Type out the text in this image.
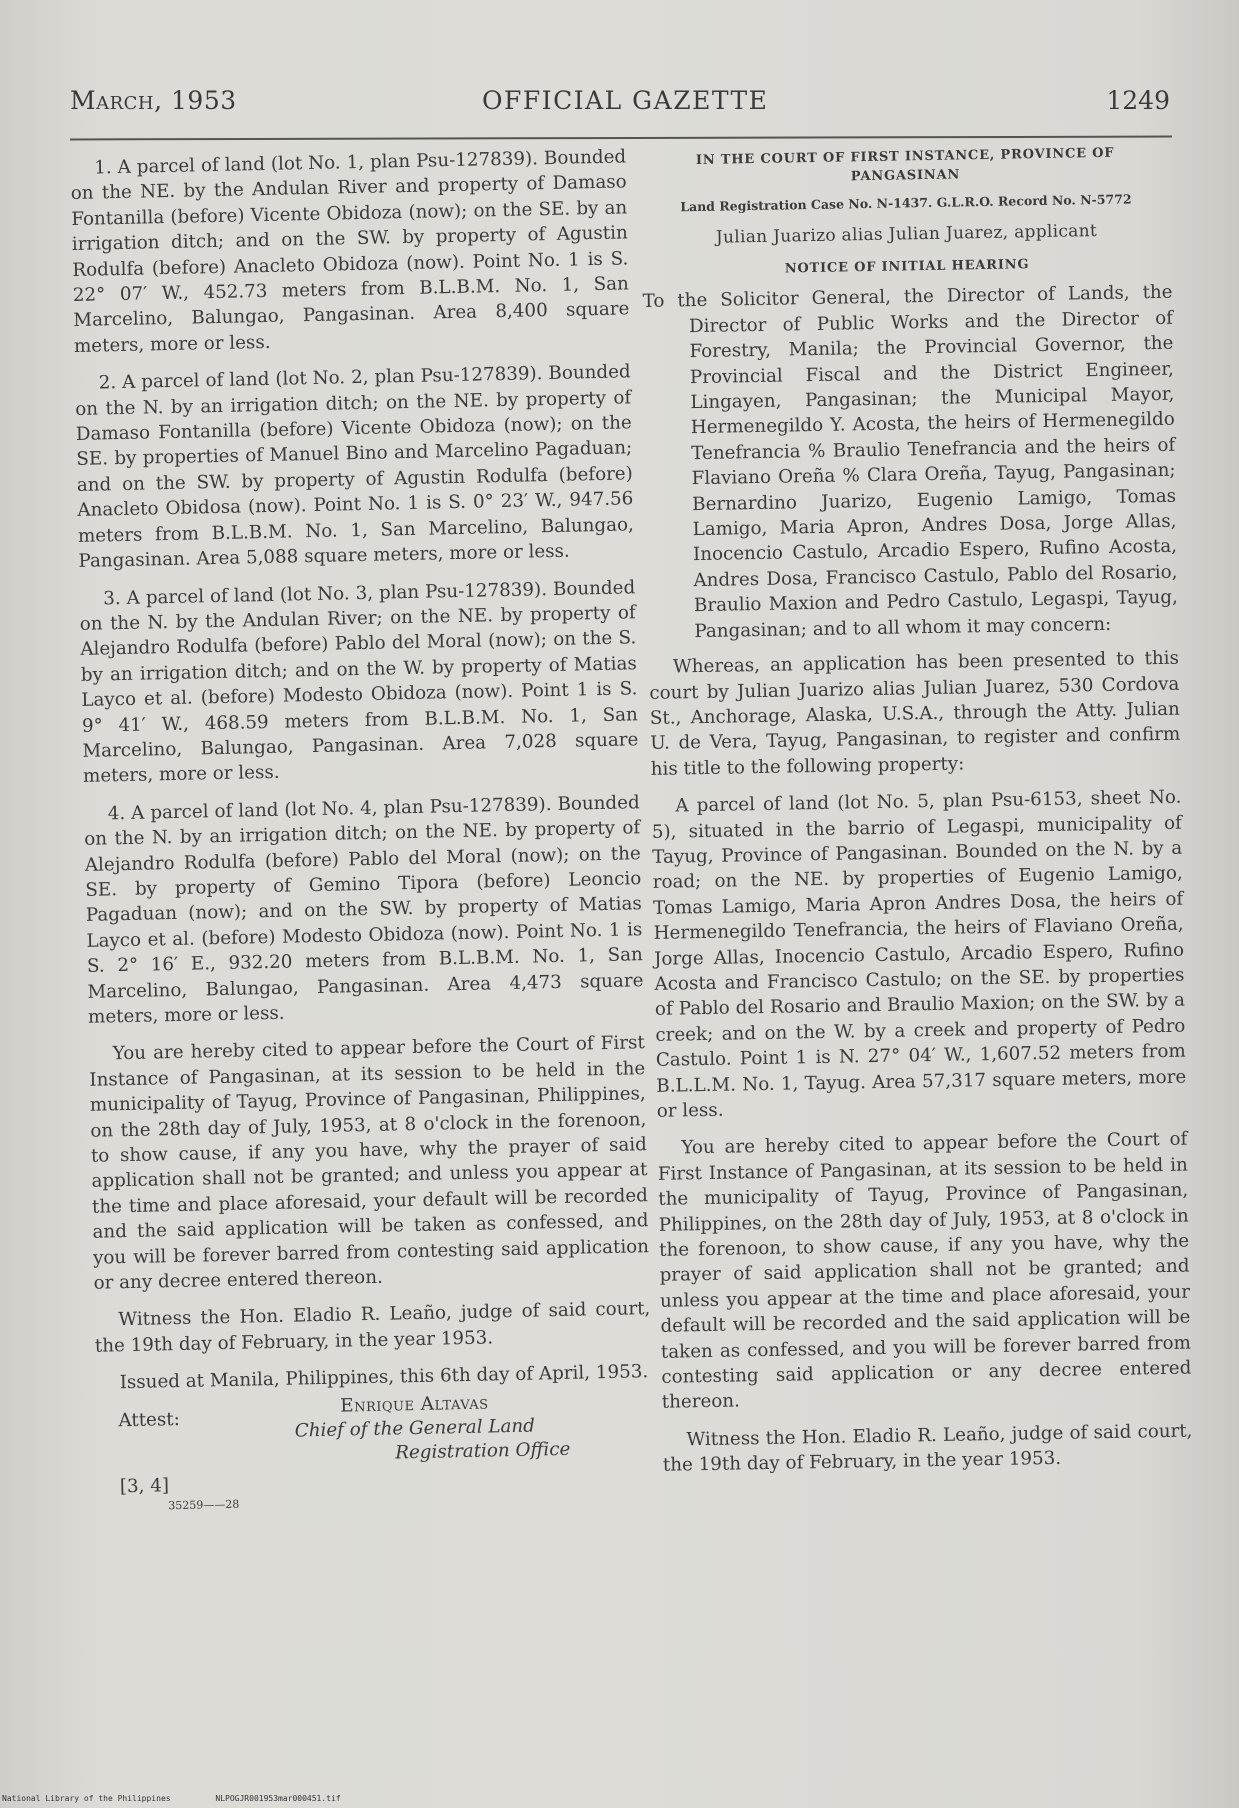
March, 1953	OFFICIAL GAZETTE	1249

1. A parcel of land (lot No. 1, plan Psu-127839). Bounded on the NE. by the Andulan River and property of Damaso Fontanilla (before) Vicente Obidoza (now); on the SE. by an irrigation ditch; and on the SW. by property of Agustin Rodulfa (before) Anacleto Obidoza (now). Point No. 1 is S. 22° 07′ W., 452.73 meters from B.L.B.M. No. 1, San Marcelino, Balungao, Pangasinan. Area 8,400 square meters, more or less.

2. A parcel of land (lot No. 2, plan Psu-127839). Bounded on the N. by an irrigation ditch; on the NE. by property of Damaso Fontanilla (before) Vicente Obidoza (now); on the SE. by properties of Manuel Bino and Marcelino Pagaduan; and on the SW. by property of Agustin Rodulfa (before) Anacleto Obidosa (now). Point No. 1 is S. 0° 23′ W., 947.56 meters from B.L.B.M. No. 1, San Marcelino, Balungao, Pangasinan. Area 5,088 square meters, more or less.

3. A parcel of land (lot No. 3, plan Psu-127839). Bounded on the N. by the Andulan River; on the NE. by property of Alejandro Rodulfa (before) Pablo del Moral (now); on the S. by an irrigation ditch; and on the W. by property of Matias Layco et al. (before) Modesto Obidoza (now). Point 1 is S. 9° 41′ W., 468.59 meters from B.L.B.M. No. 1, San Marcelino, Balungao, Pangasinan. Area 7,028 square meters, more or less.

4. A parcel of land (lot No. 4, plan Psu-127839). Bounded on the N. by an irrigation ditch; on the NE. by property of Alejandro Rodulfa (before) Pablo del Moral (now); on the SE. by property of Gemino Tipora (before) Leoncio Pagaduan (now); and on the SW. by property of Matias Layco et al. (before) Modesto Obidoza (now). Point No. 1 is S. 2° 16′ E., 932.20 meters from B.L.B.M. No. 1, San Marcelino, Balungao, Pangasinan. Area 4,473 square meters, more or less.

You are hereby cited to appear before the Court of First Instance of Pangasinan, at its session to be held in the municipality of Tayug, Province of Pangasinan, Philippines, on the 28th day of July, 1953, at 8 o'clock in the forenoon, to show cause, if any you have, why the prayer of said application shall not be granted; and unless you appear at the time and place aforesaid, your default will be recorded and the said application will be taken as confessed, and you will be forever barred from contesting said application or any decree entered thereon.

Witness the Hon. Eladio R. Leaño, judge of said court, the 19th day of February, in the year 1953.

Issued at Manila, Philippines, this 6th day of April, 1953.

Attest:
Enrique Altavas
Chief of the General Land
Registration Office
[3, 4]
35259——28
IN THE COURT OF FIRST INSTANCE, PROVINCE OF PANGASINAN
Land Registration Case No. N-1437. G.L.R.O. Record No. N-5772
Julian Juarizo alias Julian Juarez, applicant
NOTICE OF INITIAL HEARING

To the Solicitor General, the Director of Lands, the Director of Public Works and the Director of Forestry, Manila; the Provincial Governor, the Provincial Fiscal and the District Engineer, Lingayen, Pangasinan; the Municipal Mayor, Hermenegildo Y. Acosta, the heirs of Hermenegildo Tenefrancia % Braulio Tenefrancia and the heirs of Flaviano Oreña % Clara Oreña, Tayug, Pangasinan; Bernardino Juarizo, Eugenio Lamigo, Tomas Lamigo, Maria Apron, Andres Dosa, Jorge Allas, Inocencio Castulo, Arcadio Espero, Rufino Acosta, Andres Dosa, Francisco Castulo, Pablo del Rosario, Braulio Maxion and Pedro Castulo, Legaspi, Tayug, Pangasinan; and to all whom it may concern:

Whereas, an application has been presented to this court by Julian Juarizo alias Julian Juarez, 530 Cordova St., Anchorage, Alaska, U.S.A., through the Atty. Julian U. de Vera, Tayug, Pangasinan, to register and confirm his title to the following property:

A parcel of land (lot No. 5, plan Psu-6153, sheet No. 5), situated in the barrio of Legaspi, municipality of Tayug, Province of Pangasinan. Bounded on the N. by a road; on the NE. by properties of Eugenio Lamigo, Tomas Lamigo, Maria Apron Andres Dosa, the heirs of Hermenegildo Tenefrancia, the heirs of Flaviano Oreña, Jorge Allas, Inocencio Castulo, Arcadio Espero, Rufino Acosta and Francisco Castulo; on the SE. by properties of Pablo del Rosario and Braulio Maxion; on the SW. by a creek; and on the W. by a creek and property of Pedro Castulo. Point 1 is N. 27° 04′ W., 1,607.52 meters from B.L.L.M. No. 1, Tayug. Area 57,317 square meters, more or less.

You are hereby cited to appear before the Court of First Instance of Pangasinan, at its session to be held in the municipality of Tayug, Province of Pangasinan, Philippines, on the 28th day of July, 1953, at 8 o'clock in the forenoon, to show cause, if any you have, why the prayer of said application shall not be granted; and unless you appear at the time and place aforesaid, your default will be recorded and the said application will be taken as confessed, and you will be forever barred from contesting said application or any decree entered thereon.

Witness the Hon. Eladio R. Leaño, judge of said court, the 19th day of February, in the year 1953.

National Library of the Philippines	NLPOGJR001953mar000451.tif
